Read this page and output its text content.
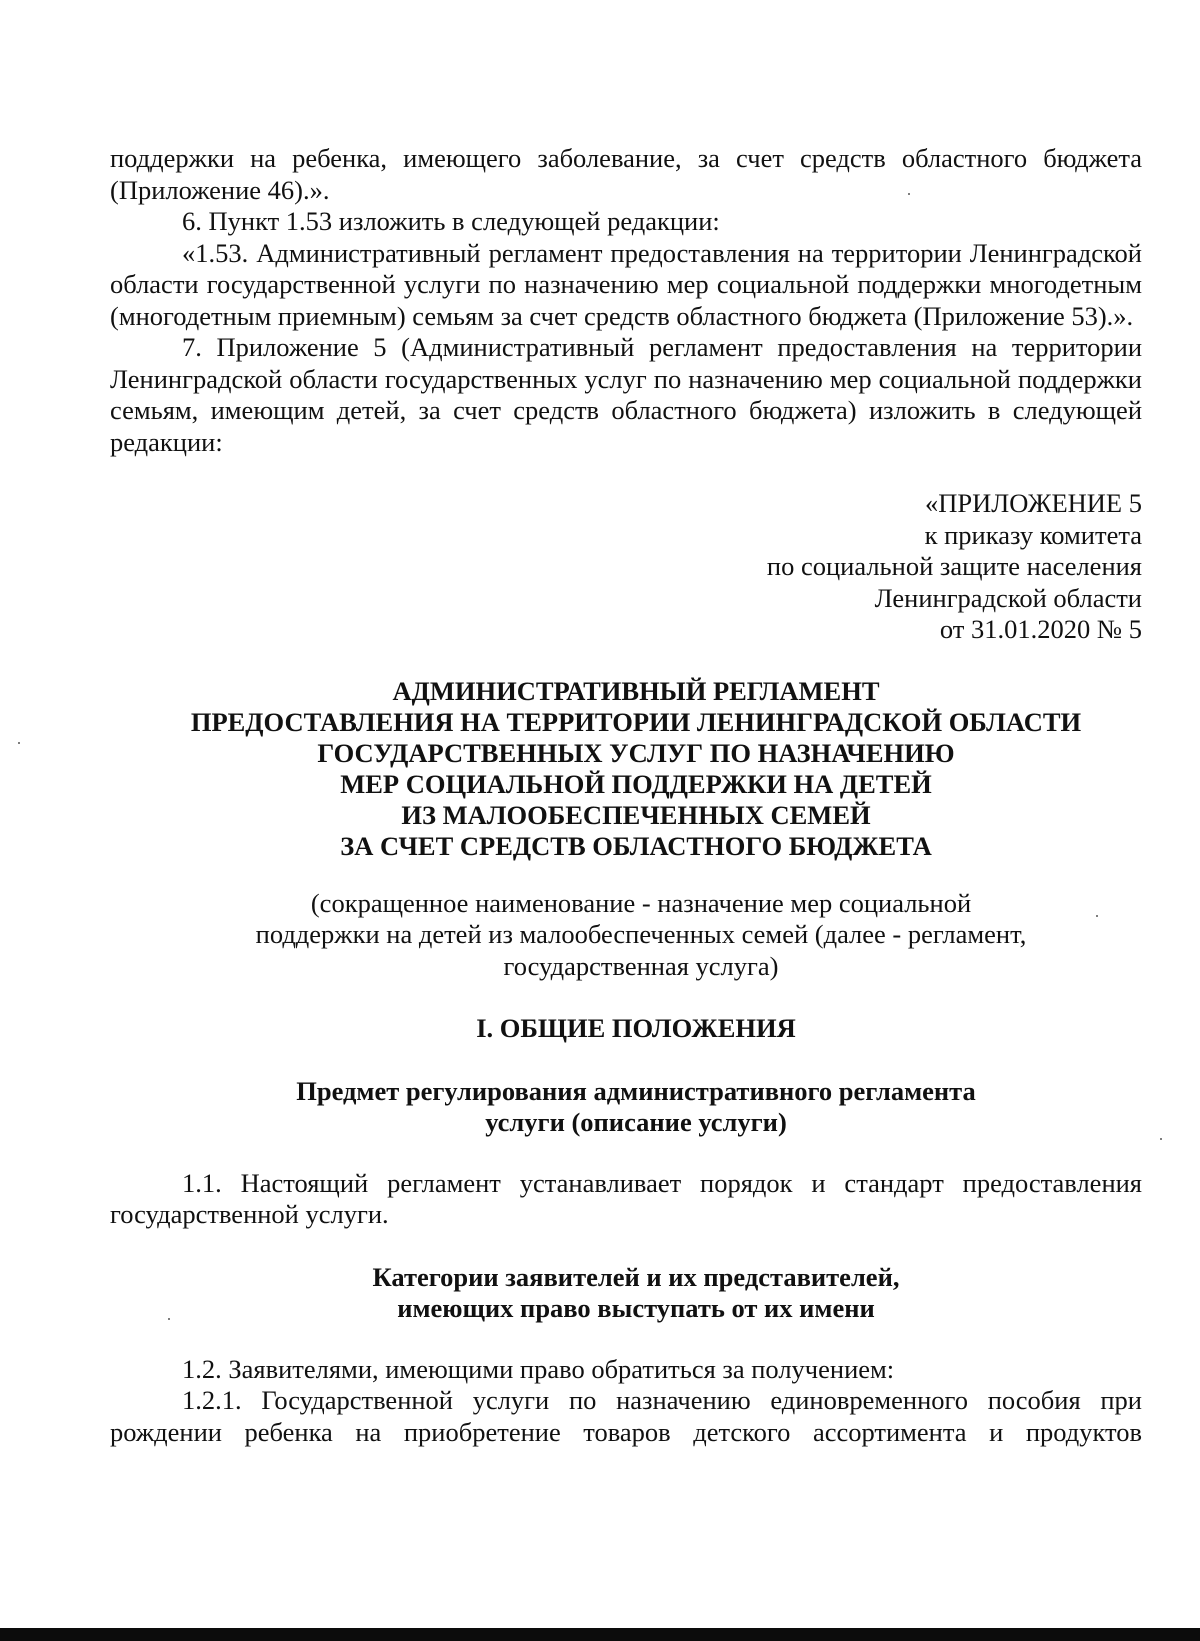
поддержки на ребенка, имеющего заболевание, за счет средств областного бюджета (Приложение 46).».

6. Пункт 1.53 изложить в следующей редакции:

«1.53. Административный регламент предоставления на территории Ленинградской области государственной услуги по назначению мер социальной поддержки многодетным (многодетным приемным) семьям за счет средств областного бюджета (Приложение 53).».

7. Приложение 5 (Административный регламент предоставления на территории Ленинградской области государственных услуг по назначению мер социальной поддержки семьям, имеющим детей, за счет средств областного бюджета) изложить в следующей редакции:

«ПРИЛОЖЕНИЕ 5
к приказу комитета
по социальной защите населения
Ленинградской области
от 31.01.2020 № 5
АДМИНИСТРАТИВНЫЙ РЕГЛАМЕНТ
ПРЕДОСТАВЛЕНИЯ НА ТЕРРИТОРИИ ЛЕНИНГРАДСКОЙ ОБЛАСТИ
ГОСУДАРСТВЕННЫХ УСЛУГ ПО НАЗНАЧЕНИЮ
МЕР СОЦИАЛЬНОЙ ПОДДЕРЖКИ НА ДЕТЕЙ
ИЗ МАЛООБЕСПЕЧЕННЫХ СЕМЕЙ
ЗА СЧЕТ СРЕДСТВ ОБЛАСТНОГО БЮДЖЕТА
(сокращенное наименование - назначение мер социальной
поддержки на детей из малообеспеченных семей (далее - регламент,
государственная услуга)
I. ОБЩИЕ ПОЛОЖЕНИЯ
Предмет регулирования административного регламента
услуги (описание услуги)

1.1. Настоящий регламент устанавливает порядок и стандарт предоставления государственной услуги.

Категории заявителей и их представителей,
имеющих право выступать от их имени

1.2. Заявителями, имеющими право обратиться за получением:

1.2.1. Государственной услуги по назначению единовременного пособия при рождении ребенка на приобретение товаров детского ассортимента и продуктов
